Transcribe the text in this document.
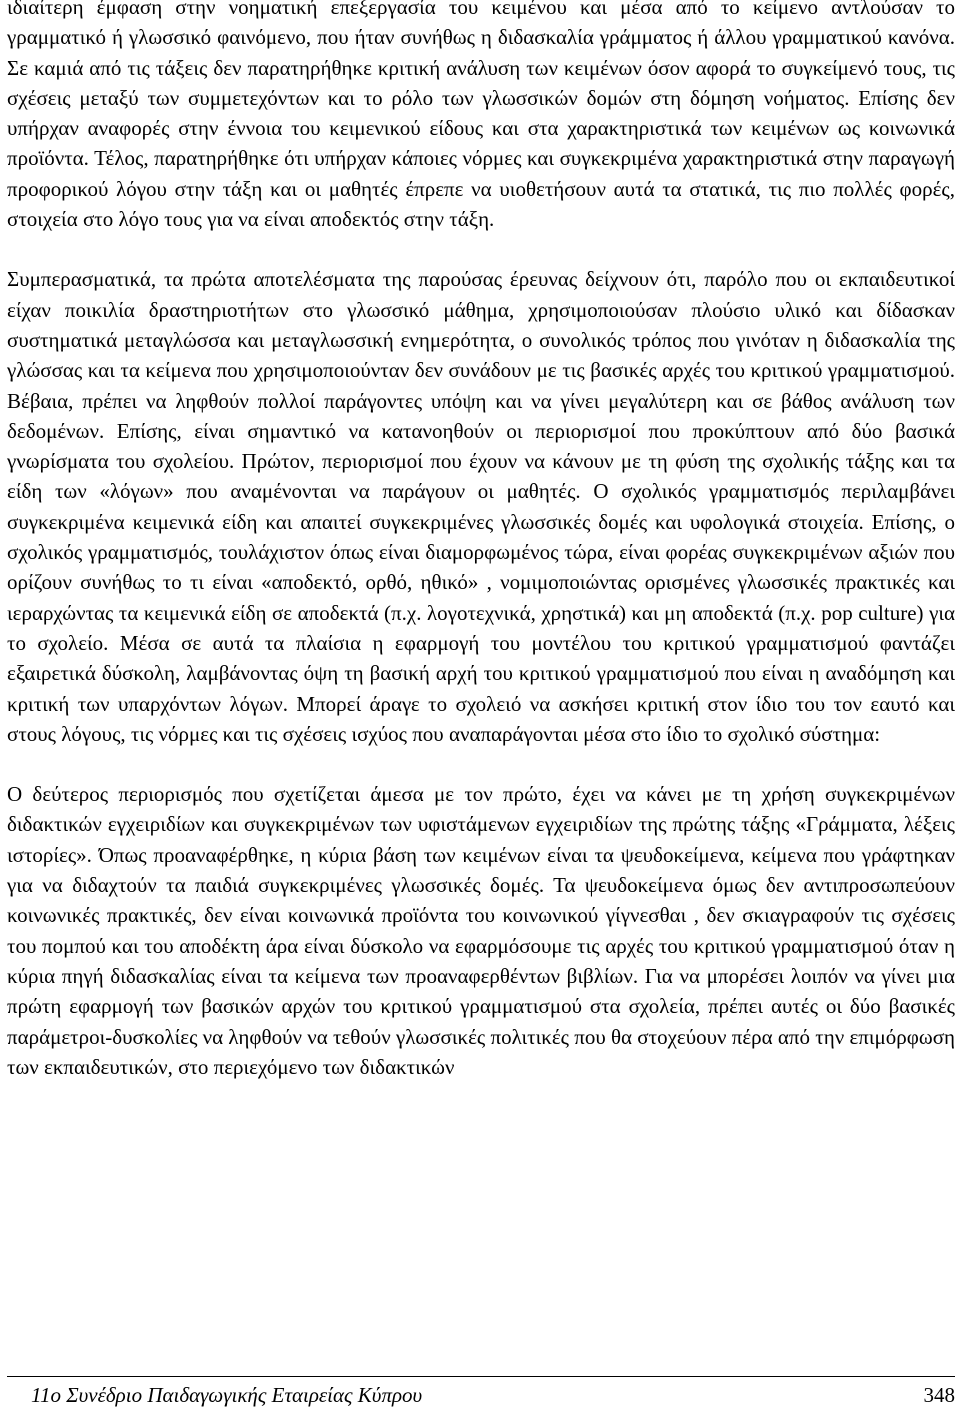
ιδιαίτερη έμφαση στην νοηματική επεξεργασία του κειμένου και μέσα από το κείμενο αντλούσαν το γραμματικό ή γλωσσικό φαινόμενο, που ήταν συνήθως η διδασκαλία γράμματος ή άλλου γραμματικού κανόνα. Σε καμιά από τις τάξεις δεν παρατηρήθηκε κριτική ανάλυση των κειμένων όσον αφορά το συγκείμενό τους, τις σχέσεις μεταξύ των συμμετεχόντων και το ρόλο των γλωσσικών δομών στη δόμηση νοήματος. Επίσης δεν υπήρχαν αναφορές στην έννοια του κειμενικού είδους και στα χαρακτηριστικά των κειμένων ως κοινωνικά προϊόντα. Τέλος, παρατηρήθηκε ότι υπήρχαν κάποιες νόρμες και συγκεκριμένα χαρακτηριστικά στην παραγωγή προφορικού λόγου στην τάξη και οι μαθητές έπρεπε να υιοθετήσουν αυτά τα στατικά, τις πιο πολλές φορές, στοιχεία στο λόγο τους για να είναι αποδεκτός στην τάξη.

Συμπερασματικά, τα πρώτα αποτελέσματα της παρούσας έρευνας δείχνουν ότι, παρόλο που οι εκπαιδευτικοί είχαν ποικιλία δραστηριοτήτων στο γλωσσικό μάθημα, χρησιμοποιούσαν πλούσιο υλικό και δίδασκαν συστηματικά μεταγλώσσα και μεταγλωσσική ενημερότητα, ο συνολικός τρόπος που γινόταν η διδασκαλία της γλώσσας και τα κείμενα που χρησιμοποιούνταν δεν συνάδουν με τις βασικές αρχές του κριτικού γραμματισμού. Βέβαια, πρέπει να ληφθούν πολλοί παράγοντες υπόψη και να γίνει μεγαλύτερη και σε βάθος ανάλυση των δεδομένων. Επίσης, είναι σημαντικό να κατανοηθούν οι περιορισμοί που προκύπτουν από δύο βασικά γνωρίσματα του σχολείου. Πρώτον, περιορισμοί που έχουν να κάνουν με τη φύση της σχολικής τάξης και τα είδη των «λόγων» που αναμένονται να παράγουν οι μαθητές. Ο σχολικός γραμματισμός περιλαμβάνει συγκεκριμένα κειμενικά είδη και απαιτεί συγκεκριμένες γλωσσικές δομές και υφολογικά στοιχεία. Επίσης, ο σχολικός γραμματισμός, τουλάχιστον όπως είναι διαμορφωμένος τώρα, είναι φορέας συγκεκριμένων αξιών που ορίζουν συνήθως το τι είναι «αποδεκτό, ορθό, ηθικό» , νομιμοποιώντας ορισμένες γλωσσικές πρακτικές και ιεραρχώντας τα κειμενικά είδη σε αποδεκτά (π.χ. λογοτεχνικά, χρηστικά) και μη αποδεκτά (π.χ. pop culture) για το σχολείο. Μέσα σε αυτά τα πλαίσια η εφαρμογή του μοντέλου του κριτικού γραμματισμού φαντάζει εξαιρετικά δύσκολη, λαμβάνοντας όψη τη βασική αρχή του κριτικού γραμματισμού που είναι η αναδόμηση και κριτική των υπαρχόντων λόγων. Μπορεί άραγε το σχολειό να ασκήσει κριτική στον ίδιο του τον εαυτό και στους λόγους, τις νόρμες και τις σχέσεις ισχύος που αναπαράγονται μέσα στο ίδιο το σχολικό σύστημα:

Ο δεύτερος περιορισμός που σχετίζεται άμεσα με τον πρώτο, έχει να κάνει με τη χρήση συγκεκριμένων διδακτικών εγχειριδίων και συγκεκριμένων των υφιστάμενων εγχειριδίων της πρώτης τάξης «Γράμματα, λέξεις ιστορίες». Όπως προαναφέρθηκε, η κύρια βάση των κειμένων είναι τα ψευδοκείμενα, κείμενα που γράφτηκαν για να διδαχτούν τα παιδιά συγκεκριμένες γλωσσικές δομές. Τα ψευδοκείμενα όμως δεν αντιπροσωπεύουν κοινωνικές πρακτικές, δεν είναι κοινωνικά προϊόντα του κοινωνικού γίγνεσθαι , δεν σκιαγραφούν τις σχέσεις του πομπού και του αποδέκτη άρα είναι δύσκολο να εφαρμόσουμε τις αρχές του κριτικού γραμματισμού όταν η κύρια πηγή διδασκαλίας είναι τα κείμενα των προαναφερθέντων βιβλίων. Για να μπορέσει λοιπόν να γίνει μια πρώτη εφαρμογή των βασικών αρχών του κριτικού γραμματισμού στα σχολεία, πρέπει αυτές οι δύο βασικές παράμετροι-δυσκολίες να ληφθούν να τεθούν γλωσσικές πολιτικές που θα στοχεύουν πέρα από την επιμόρφωση των εκπαιδευτικών, στο περιεχόμενο των διδακτικών

11ο Συνέδριο Παιδαγωγικής Εταιρείας Κύπρου	348
